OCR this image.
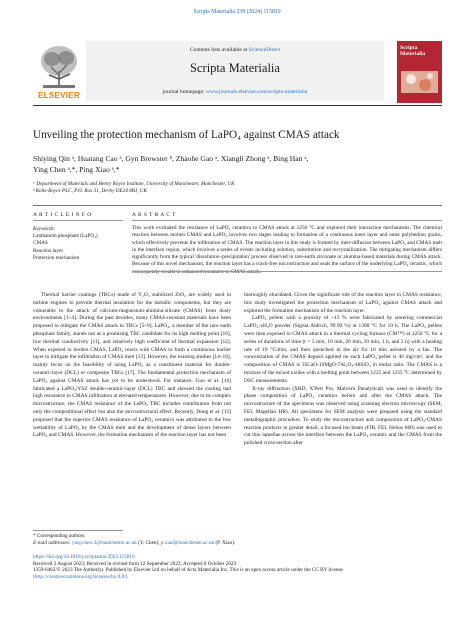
Scripta Materialia 239 (2024) 115819
ELSEVIER
Contents lists available at ScienceDirect
Scripta Materialia
journal homepage: www.journals.elsevier.com/scripta-materialia
Scripta Materialia
Unveiling the protection mechanism of LaPO₄ against CMAS attack
Shiying Qin ᵃ, Huatang Cao ᵃ, Gyn Brewster ᵇ, Zhaohe Gao ᵃ, Xiangli Zhong ᵃ, Bing Han ᵃ,
Ying Chen ᵃ,*, Ping Xiao ᵃ,*
ᵃ Department of Materials and Henry Royce Institute, University of Manchester, Manchester, UK
ᵇ Rolls-Royce PLC, P.O. Box 31, Derby DE24 8BJ, UK
A R T I C L E I N F O
Keywords:
Lanthanum phosphate (LaPO₄)
CMAS
Reaction layer
Protection mechanism
A B S T R A C T
This work evaluated the resistance of LaPO₄ ceramics to CMAS attack at 1250 °C and explored their interaction mechanisms. The chemical reaction between molten CMAS and LaPO₄ involves two stages leading to formation of a continuous inner layer and outer polyhedron grains, which effectively prevents the infiltration of CMAS. The reaction layer in this study is formed by inter-diffusion between LaPO₄ and CMAS melt in the interface region, which involves a series of events including solution, substitution and recrystallization. The mitigating mechanism differs significantly from the typical 'dissolution–precipitation' process observed in rare-earth zirconate or alumina-based materials during CMAS attack. Because of this novel mechanism, the reaction layer has a crack-free microstructure and seals the surface of the underlying LaPO₄ ceramic, which consequently results in enhanced resistance to CMAS attack.

Thermal barrier coatings (TBCs) made of Y₂O₃ stabilized ZrO₂ are widely used in turbine engines to provide thermal insulation for the metallic components, but they are vulnerable to the attack of calcium-magnesium-alumina-silicate (CMAS) from dusty environments [1–4]. During the past decades, many CMAS-resistant materials have been proposed to mitigate the CMAS attack to TBCs [5–9]. LaPO₄, a member of the rare earth phosphate family, stands out as a promising TBC candidate for its high melting point [10], low thermal conductivity [11], and relatively high coefficient of thermal expansion [12]. When exposed to molten CMAS, LaPO₄ reacts with CMAS to form a continuous barrier layer to mitigate the infiltration of CMAS melt [13]. However, the existing studies [14–16], mainly focus on the feasibility of using LaPO₄ as a constituent material for double-ceramic-layer (DCL) or composite TBCs [17]. The fundamental protection mechanism of LaPO₄ against CMAS attack has yet to be understood. For instance, Guo et al. [16] fabricated a LaPO₄/YSZ double-ceramic-layer (DCL) TBC and showed the coating had high resistance to CMAS infiltration at elevated temperatures. However, due to its complex microstructure, the CMAS resistance of the LaPO₄ TBC includes contribution from not only the compositional effect but also the microstructural effect. Recently, Dong et al. [13] proposed that the superior CMAS resistance of LaPO₄ ceramics was attributed to the low wettability of LaPO₄ by the CMAS melt and the development of dense layers between LaPO₄ and CMAS. However, the formation mechanism of the reaction layer has not been

thoroughly elucidated. Given the significant role of the reaction layer in CMAS resistance, this study investigated the protection mechanism of LaPO₄ against CMAS attack and explored the formation mechanism of the reaction layer.

LaPO₄ pellets with a porosity of ~13 % were fabricated by sintering commercial LaPO₄·xH₂O powder (Sigma Aldrich, 99.99 %) at 1300 °C for 10 h. The LaPO₄ pellets were then exposed to CMAS attack in a thermal cycling furnace (CM™) at 1250 °C for a series of durations of time (t = 5 min, 10 min, 20 min, 30 min, 1 h, and 2 h) with a heating rate of 10 °C/min, and then quenched in the air for 10 min assisted by a fan. The concentration of the CMAS deposit applied on each LaPO₄ pellet is 40 mg/cm², and the composition of CMAS is 35CaO-10MgO-7Al₂O₃-48SiO₂ in molar ratio. The CMAS is a mixture of the mixed oxides with a melting point between 1225 and 1235 °C determined by DSC measurements.

X-ray diffraction (XRD, X'Pert Pro, Malvern Panalytical) was used to identify the phase composition of LaPO₄ ceramics before and after the CMAS attack. The microstructure of the specimens was observed using scanning electron microscopy (SEM, FEI, Magellan HR). All specimens for SEM analysis were prepared using the standard metallographic procedure. To study the microstructure and composition of LaPO₄-CMAS reaction products in greater detail, a focused ion beam (FIB, FEI, Helios 660) was used to cut thin lamellae across the interface between the LaPO₄ ceramic and the CMAS from the polished cross-section after

* Corresponding authors.
E-mail addresses: ying.chen-2@manchester.ac.uk (Y. Chen), p.xiao@manchester.ac.uk (P. Xiao).
https://doi.org/10.1016/j.scriptamat.2023.115819
Received 3 August 2023; Received in revised form 12 September 2023; Accepted 8 October 2023
1359-6462/© 2023 The Author(s). Published by Elsevier Ltd on behalf of Acta Materialia Inc. This is an open access article under the CC BY license
(http://creativecommons.org/licenses/by/4.0/).
